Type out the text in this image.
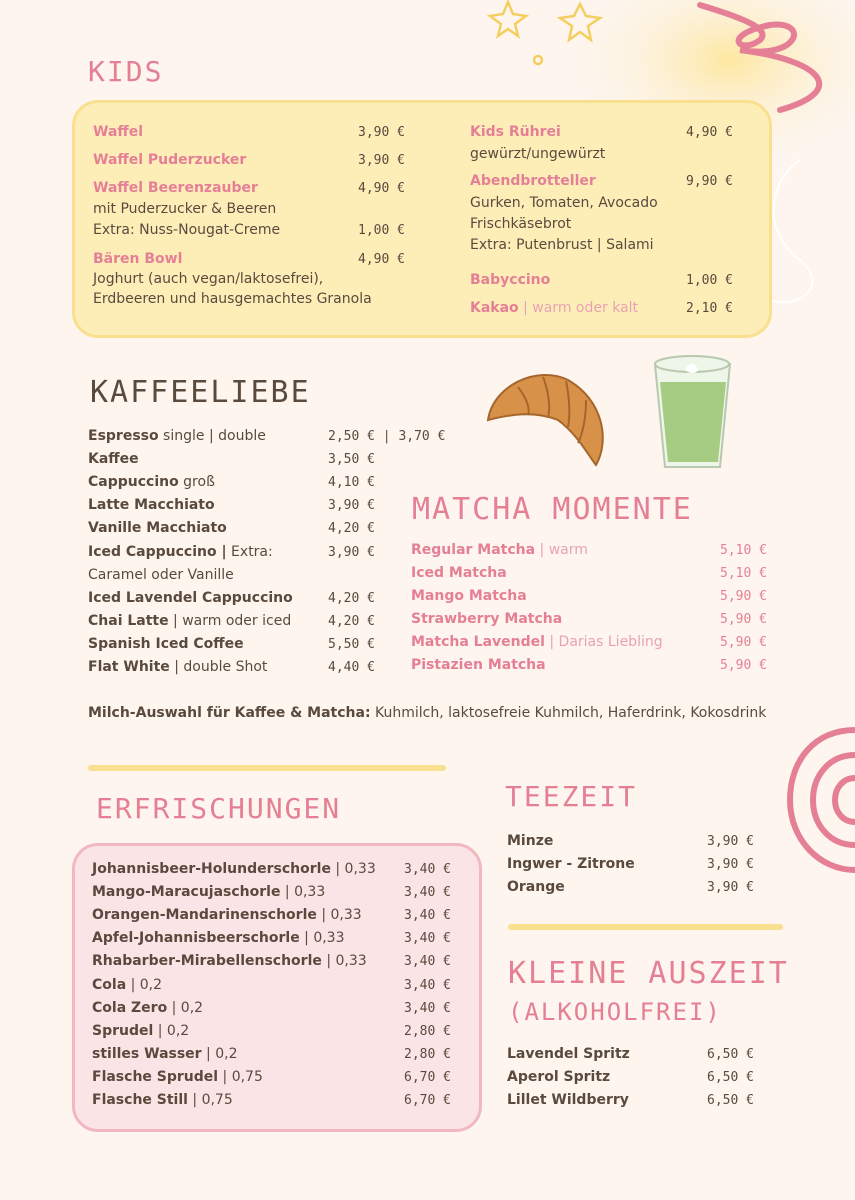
KIDS
Waffel	3,90 €
Waffel Puderzucker	3,90 €
Waffel Beerenzauber	4,90 €
mit Puderzucker & Beeren
Extra: Nuss-Nougat-Creme	1,00 €
Bären Bowl	4,90 €
Joghurt (auch vegan/laktosefrei),
Erdbeeren und hausgemachtes Granola
Kids Rührei	4,90 €
gewürzt/ungewürzt
Abendbrotteller	9,90 €
Gurken, Tomaten, Avocado
Frischkäsebrot
Extra: Putenbrust | Salami
Babyccino	1,00 €
Kakao | warm oder kalt	2,10 €
KAFFEELIEBE
Espresso single | double	2,50 € | 3,70 €
Kaffee	3,50 €
Cappuccino groß	4,10 €
Latte Macchiato	3,90 €
Vanille Macchiato	4,20 €
Iced Cappuccino | Extra:	3,90 €
Caramel oder Vanille
Iced Lavendel Cappuccino	4,20 €
Chai Latte | warm oder iced	4,20 €
Spanish Iced Coffee	5,50 €
Flat White | double Shot	4,40 €
MATCHA MOMENTE
Regular Matcha | warm	5,10 €
Iced Matcha	5,10 €
Mango Matcha	5,90 €
Strawberry Matcha	5,90 €
Matcha Lavendel | Darias Liebling	5,90 €
Pistazien Matcha	5,90 €
Milch-Auswahl für Kaffee & Matcha: Kuhmilch, laktosefreie Kuhmilch, Haferdrink, Kokosdrink
ERFRISCHUNGEN
Johannisbeer-Holunderschorle | 0,33 3,40 €
Mango-Maracujaschorle | 0,33	3,40 €
Orangen-Mandarinenschorle | 0,33	3,40 €
Apfel-Johannisbeerschorle | 0,33	3,40 €
Rhabarber-Mirabellenschorle | 0,33	3,40 €
Cola | 0,2	3,40 €
Cola Zero | 0,2	3,40 €
Sprudel | 0,2	2,80 €
stilles Wasser | 0,2	2,80 €
Flasche Sprudel | 0,75	6,70 €
Flasche Still | 0,75	6,70 €
TEEZEIT
Minze	3,90 €
Ingwer - Zitrone	3,90 €
Orange	3,90 €
KLEINE AUSZEIT
(ALKOHOLFREI)
Lavendel Spritz	6,50 €
Aperol Spritz	6,50 €
Lillet Wildberry	6,50 €
